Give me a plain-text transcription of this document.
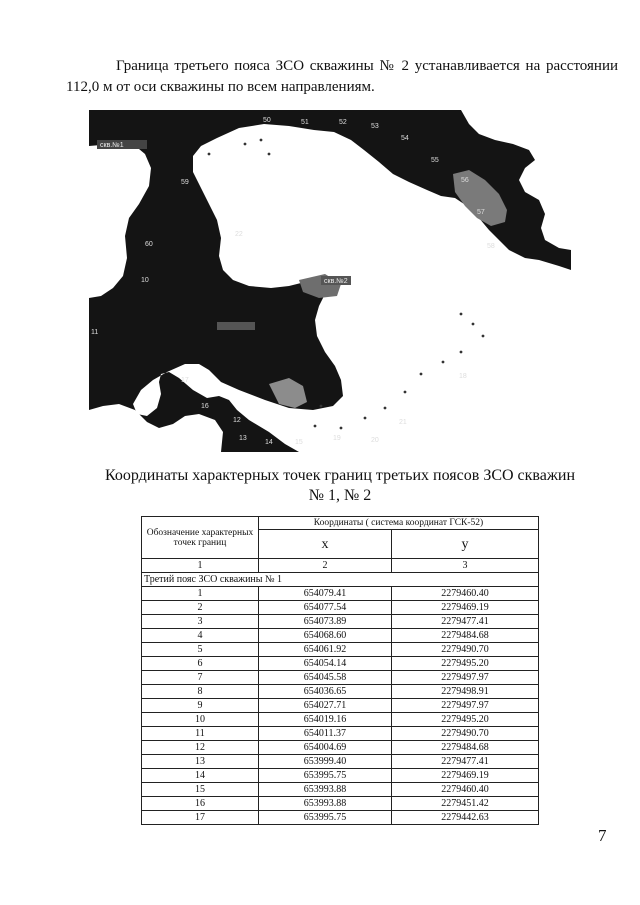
Граница третьего пояса ЗСО скважины № 2 устанавливается на расстоянии 112,0 м от оси скважины по всем направлениям.

50	51	52
53
54
55
56
57
58
59
60
10
11
12
13
14	15
16
17
18
19	20
21
22
скв.№1
скв.№2
Координаты характерных точек границ третьих поясов ЗСО скважин № 1, № 2
Обозначение характерных точек границ	Координаты ( система координат ГСК-52)	
	х	у
1	2	3
Третий пояс ЗСО скважины № 1		
1	654079.41	2279460.40
2	654077.54	2279469.19
3	654073.89	2279477.41
4	654068.60	2279484.68
5	654061.92	2279490.70
6	654054.14	2279495.20
7	654045.58	2279497.97
8	654036.65	2279498.91
9	654027.71	2279497.97
10	654019.16	2279495.20
11	654011.37	2279490.70
12	654004.69	2279484.68
13	653999.40	2279477.41
14	653995.75	2279469.19
15	653993.88	2279460.40
16	653993.88	2279451.42
17	653995.75	2279442.63
7
